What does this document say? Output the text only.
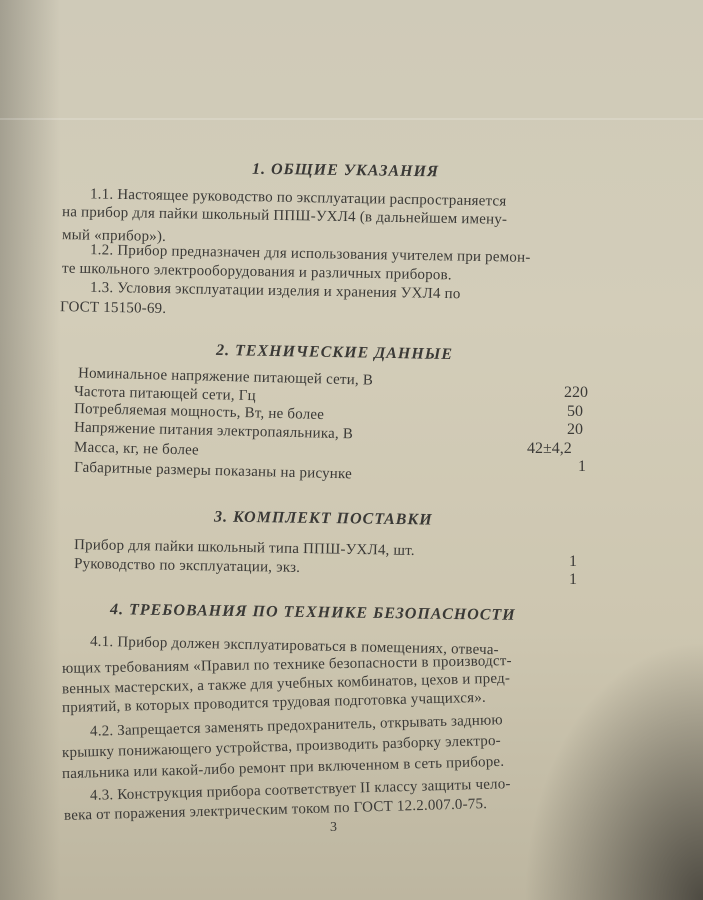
1. ОБЩИЕ УКАЗАНИЯ
1.1. Настоящее руководство по эксплуатации распространяется
на прибор для пайки школьный ППШ-УХЛ4 (в дальнейшем имену-
мый «прибор»).
1.2. Прибор предназначен для использования учителем при ремон-
те школьного электрооборудования и различных приборов.
1.3. Условия эксплуатации изделия и хранения УХЛ4 по
ГОСТ 15150-69.
2. ТЕХНИЧЕСКИЕ ДАННЫЕ
Номинальное напряжение питающей сети, В
220
Частота питающей сети, Гц
50
Потребляемая мощность, Вт, не более
20
Напряжение питания электропаяльника, В
42±4,2
Масса, кг, не более
1
Габаритные размеры показаны на рисунке
3. КОМПЛЕКТ ПОСТАВКИ
Прибор для пайки школьный типа ППШ-УХЛ4, шт.
1
Руководство по эксплуатации, экз.
1
4. ТРЕБОВАНИЯ ПО ТЕХНИКЕ БЕЗОПАСНОСТИ
4.1. Прибор должен эксплуатироваться в помещениях, отвеча-
ющих требованиям «Правил по технике безопасности в производст-
венных мастерских, а также для учебных комбинатов, цехов и пред-
приятий, в которых проводится трудовая подготовка учащихся».
4.2. Запрещается заменять предохранитель, открывать заднюю
крышку понижающего устройства, производить разборку электро-
паяльника или какой-либо ремонт при включенном в сеть приборе.
4.3. Конструкция прибора соответствует II классу защиты чело-
века от поражения электрическим током по ГОСТ 12.2.007.0-75.
3
